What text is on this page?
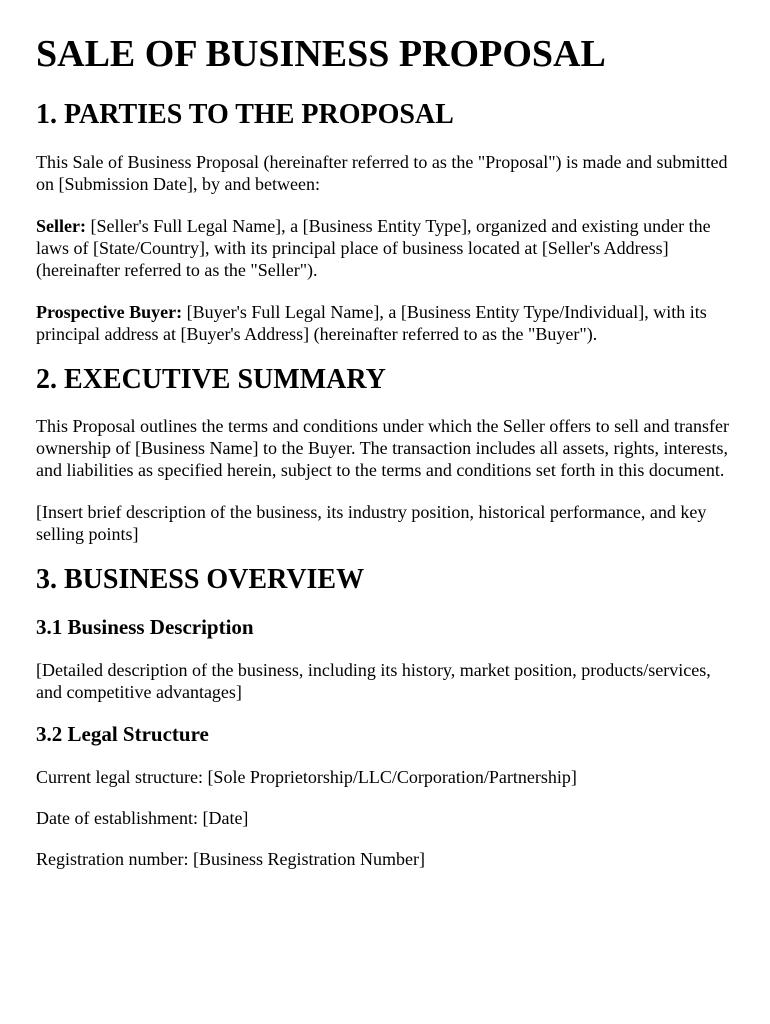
SALE OF BUSINESS PROPOSAL
1. PARTIES TO THE PROPOSAL

This Sale of Business Proposal (hereinafter referred to as the "Proposal") is made and submitted on [Submission Date], by and between:

Seller: [Seller's Full Legal Name], a [Business Entity Type], organized and existing under the laws of [State/Country], with its principal place of business located at [Seller's Address] (hereinafter referred to as the "Seller").

Prospective Buyer: [Buyer's Full Legal Name], a [Business Entity Type/Individual], with its principal address at [Buyer's Address] (hereinafter referred to as the "Buyer").

2. EXECUTIVE SUMMARY

This Proposal outlines the terms and conditions under which the Seller offers to sell and transfer ownership of [Business Name] to the Buyer. The transaction includes all assets, rights, interests, and liabilities as specified herein, subject to the terms and conditions set forth in this document.

[Insert brief description of the business, its industry position, historical performance, and key selling points]

3. BUSINESS OVERVIEW
3.1 Business Description

[Detailed description of the business, including its history, market position, products/services, and competitive advantages]

3.2 Legal Structure

Current legal structure: [Sole Proprietorship/LLC/Corporation/Partnership]

Date of establishment: [Date]

Registration number: [Business Registration Number]
